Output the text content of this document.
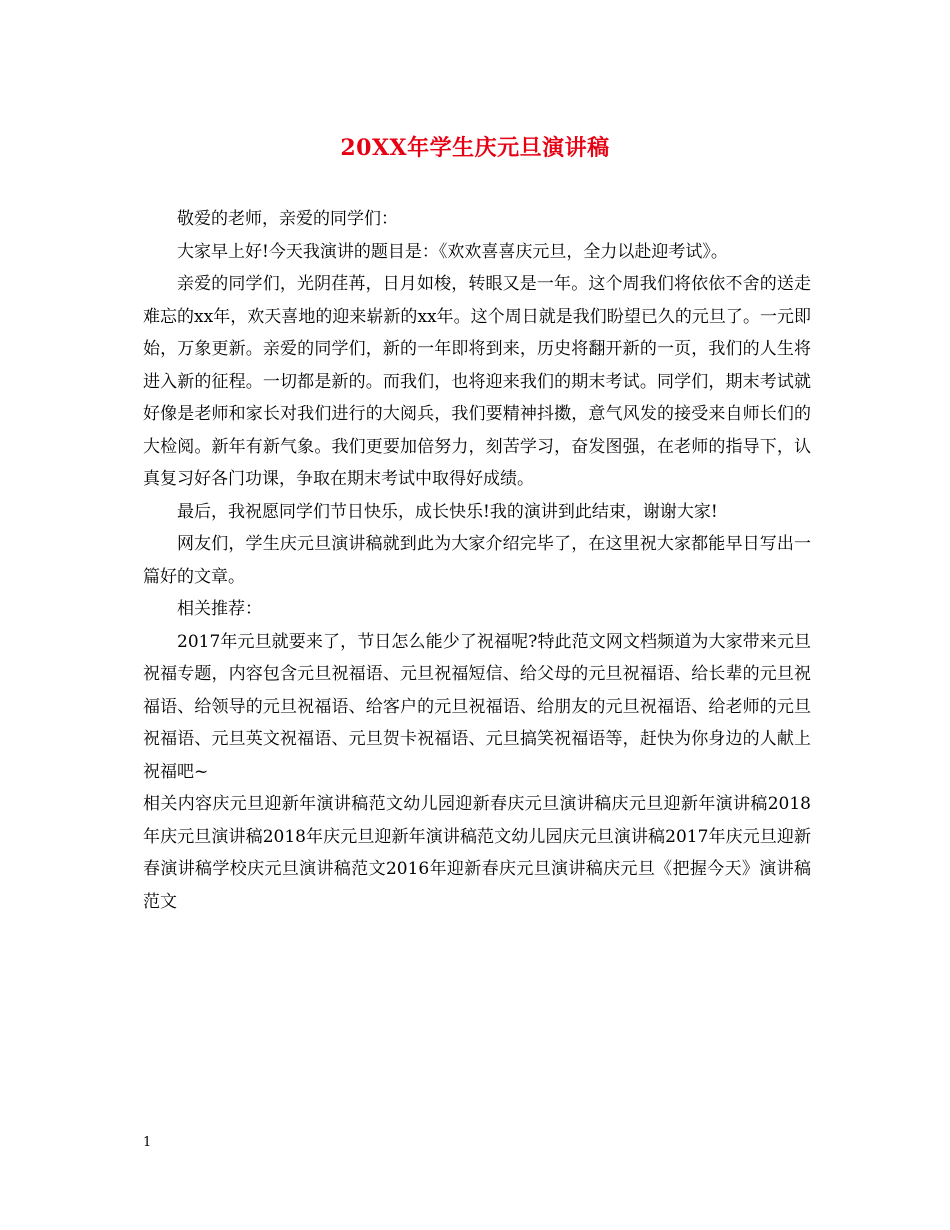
20XX年学生庆元旦演讲稿

敬爱的老师，亲爱的同学们：

大家早上好!今天我演讲的题目是：《欢欢喜喜庆元旦，全力以赴迎考试》。

亲爱的同学们，光阴荏苒，日月如梭，转眼又是一年。这个周我们将依依不舍的送走难忘的xx年，欢天喜地的迎来崭新的xx年。这个周日就是我们盼望已久的元旦了。一元即始，万象更新。亲爱的同学们，新的一年即将到来，历史将翻开新的一页，我们的人生将进入新的征程。一切都是新的。而我们，也将迎来我们的期末考试。同学们，期末考试就好像是老师和家长对我们进行的大阅兵，我们要精神抖擞，意气风发的接受来自师长们的大检阅。新年有新气象。我们更要加倍努力，刻苦学习，奋发图强，在老师的指导下，认真复习好各门功课，争取在期末考试中取得好成绩。

最后，我祝愿同学们节日快乐，成长快乐!我的演讲到此结束，谢谢大家!

网友们，学生庆元旦演讲稿就到此为大家介绍完毕了，在这里祝大家都能早日写出一篇好的文章。

相关推荐：

2017年元旦就要来了，节日怎么能少了祝福呢?特此范文网文档频道为大家带来元旦祝福专题，内容包含元旦祝福语、元旦祝福短信、给父母的元旦祝福语、给长辈的元旦祝福语、给领导的元旦祝福语、给客户的元旦祝福语、给朋友的元旦祝福语、给老师的元旦祝福语、元旦英文祝福语、元旦贺卡祝福语、元旦搞笑祝福语等，赶快为你身边的人献上祝福吧~

相关内容庆元旦迎新年演讲稿范文幼儿园迎新春庆元旦演讲稿庆元旦迎新年演讲稿2018年庆元旦演讲稿2018年庆元旦迎新年演讲稿范文幼儿园庆元旦演讲稿2017年庆元旦迎新春演讲稿学校庆元旦演讲稿范文2016年迎新春庆元旦演讲稿庆元旦《把握今天》演讲稿范文

1
